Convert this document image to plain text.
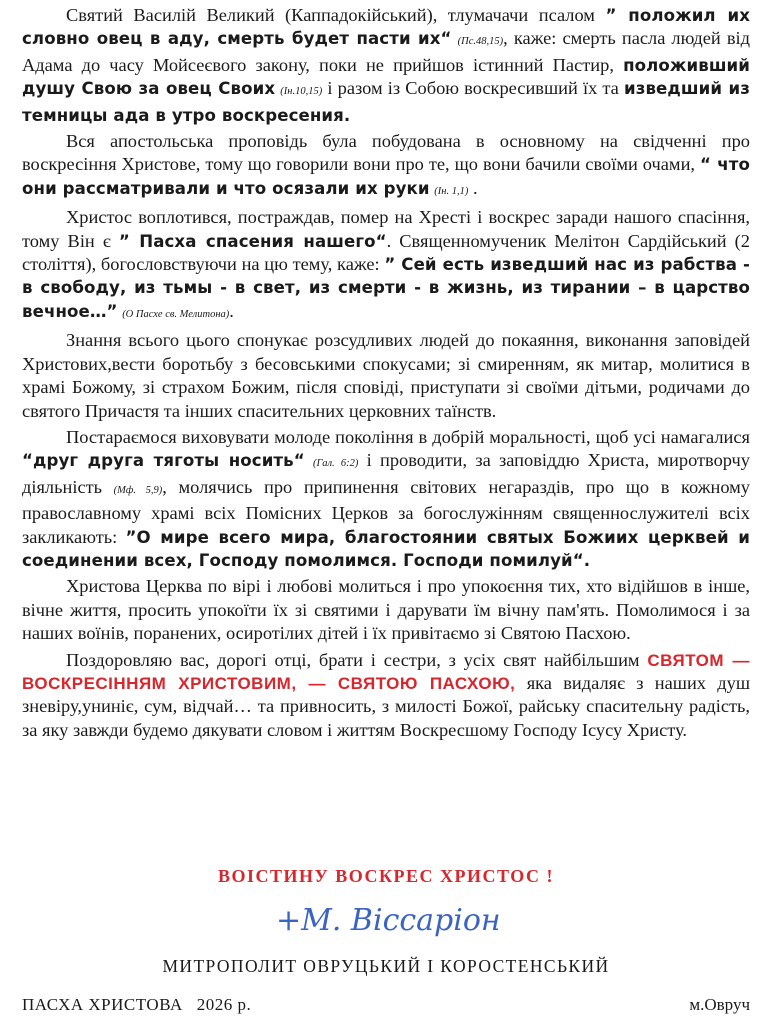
Святий Василій Великий (Каппадокійський), тлумачачи псалом ” положил их словно овец в аду, смерть будет пасти их“ (Пс.48,15), каже: смерть пасла людей від Адама до часу Мойсеєвого закону, поки не прийшов істинний Пастир, положивший душу Свою за овец Своих (Ін.10,15) і разом із Собою воскресивший їх та изведший из темницы ада в утро воскресения.

Вся апостольська проповідь була побудована в основному на свідченні про воскресіння Христове, тому що говорили вони про те, що вони бачили своїми очами, “ что они рассматривали и что осязали их руки (Ін. 1,1) .

Христос воплотився, постраждав, помер на Хресті і воскрес заради нашого спасіння, тому Він є ” Пасха спасения нашего“. Священномученик Мелітон Сардійський (2 століття), богословствуючи на цю тему, каже: ” Сей есть изведший нас из рабства - в свободу, из тьмы - в свет, из смерти - в жизнь, из тирании – в царство вечное…” (О Пасхе св. Мелитона).

Знання всього цього спонукає розсудливих людей до покаяння, виконання заповідей Христових,вести боротьбу з бесовськими спокусами; зі смиренням, як митар, молитися в храмі Божому, зі страхом Божим, після сповіді, приступати зі своїми дітьми, родичами до святого Причастя та інших спасительних церковних таїнств.

Постараємося виховувати молоде покоління в добрій моральності, щоб усі намагалися “друг друга тяготы носить“ (Гал. 6:2) і проводити, за заповіддю Христа, миротворчу діяльність (Мф. 5,9), молячись про припинення світових негараздів, про що в кожному православному храмі всіх Помісних Церков за богослужінням священнослужителі всіх закликають: ”О мире всего мира, благостоянии святых Божиих церквей и соединении всех, Господу помолимся. Господи помилуй“.

Христова Церква по вірі і любові молиться і про упокоєння тих, хто відійшов в інше, вічне життя, просить упокоїти їх зі святими і дарувати їм вічну пам'ять. Помолимося і за наших воїнів, поранених, осиротілих дітей і їх привітаємо зі Святою Пасхою.

Поздоровляю вас, дорогі отці, брати і сестри, з усіх свят найбільшим СВЯТОМ — ВОСКРЕСІННЯМ ХРИСТОВИМ, — СВЯТОЮ ПАСХОЮ, яка видаляє з наших душ зневіру,униніє, сум, відчай… та привносить, з милості Божої, райську спасительну радість, за яку завжди будемо дякувати словом і життям Воскресшому Господу Ісусу Христу.

ВОІСТИНУ ВОСКРЕС ХРИСТОС !
+М. Віссаріон
МИТРОПОЛИТ ОВРУЦЬКИЙ І КОРОСТЕНСЬКИЙ
ПАСХА ХРИСТОВА 2026 р.	м.Овруч
